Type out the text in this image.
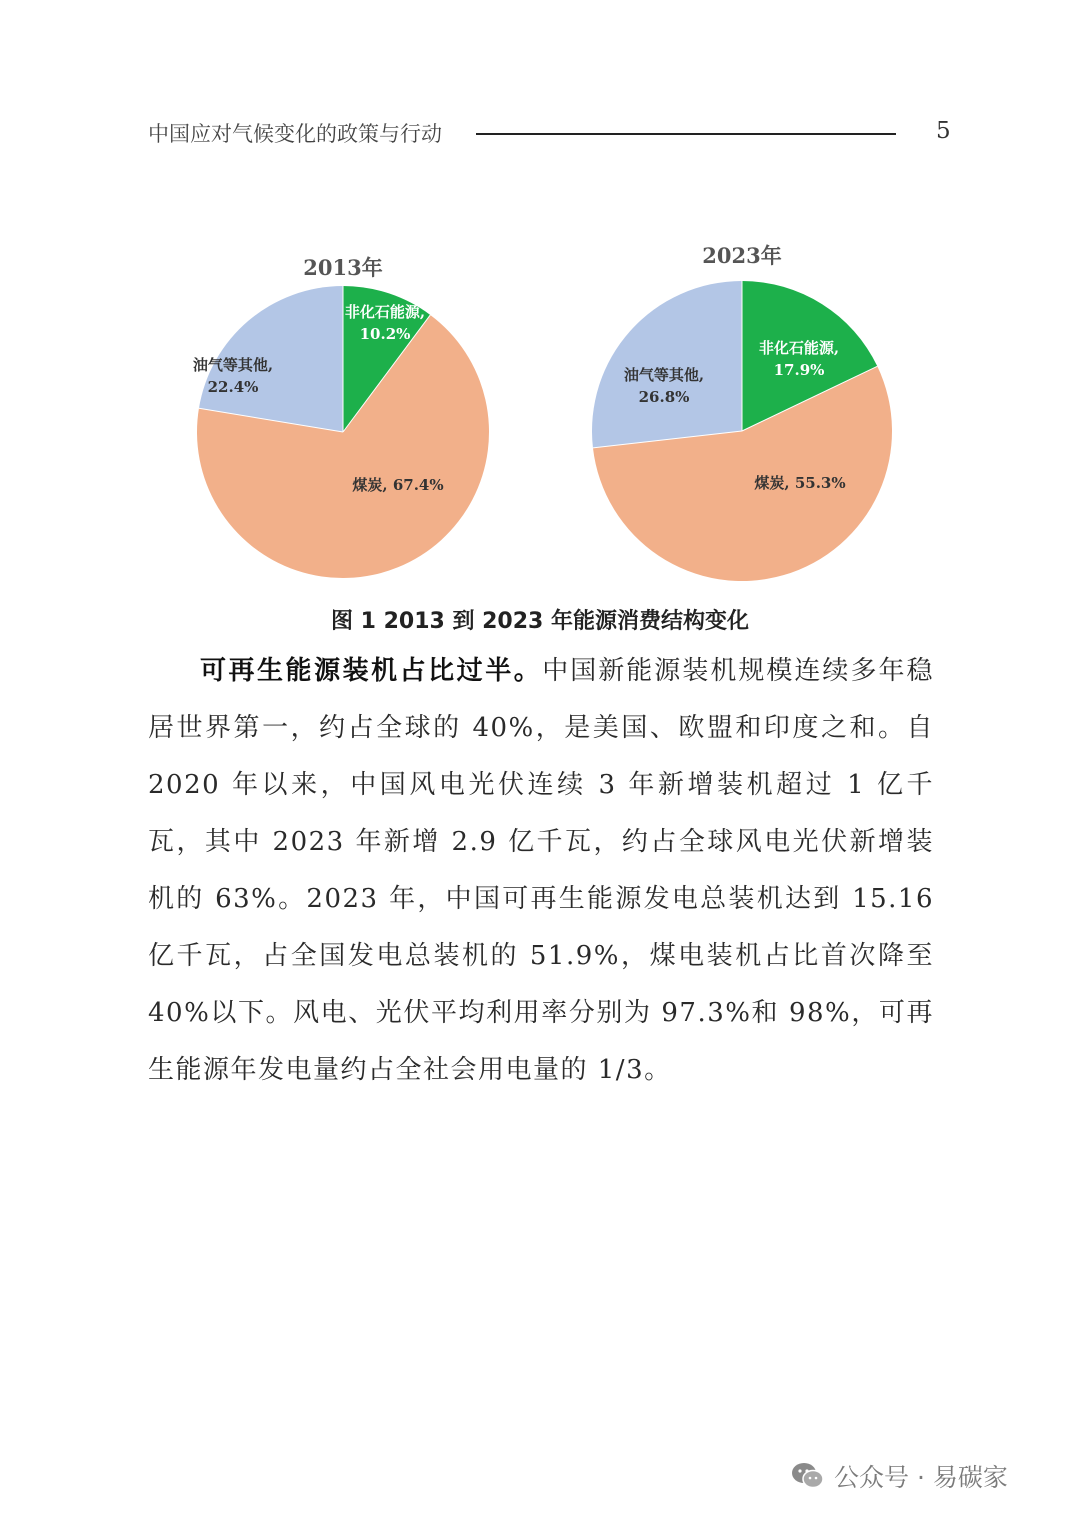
中国应对气候变化的政策与行动	5
2013年
非化石能源, 10.2%
煤炭, 67.4%
油气等其他, 22.4%
2023年
非化石能源, 17.9%
煤炭, 55.3%
油气等其他, 26.8%
图 1 2013 到 2023 年能源消费结构变化

可再生能源装机占比过半。中国新能源装机规模连续多年稳居世界第一，约占全球的 40%，是美国、欧盟和印度之和。自 2020 年以来，中国风电光伏连续 3 年新增装机超过 1 亿千瓦，其中 2023 年新增 2.9 亿千瓦，约占全球风电光伏新增装机的 63%。2023 年，中国可再生能源发电总装机达到 15.16 亿千瓦，占全国发电总装机的 51.9%，煤电装机占比首次降至 40%以下。风电、光伏平均利用率分别为 97.3%和 98%，可再生能源年发电量约占全社会用电量的 1/3。

公众号 · 易碳家
